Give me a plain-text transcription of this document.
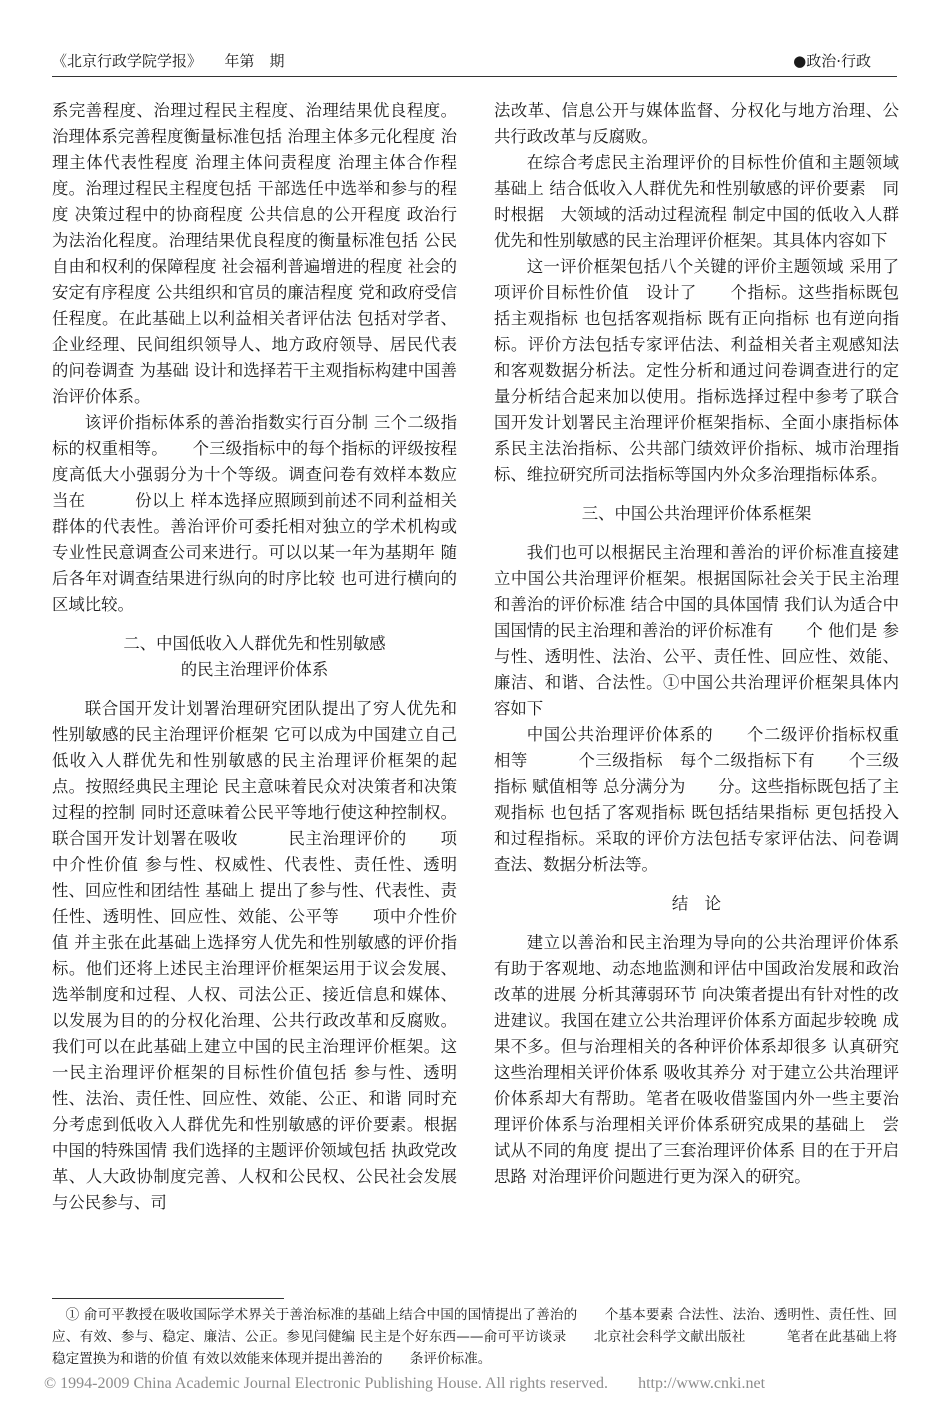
《北京行政学院学报》　　年第　期	●政治·行政

系完善程度、治理过程民主程度、治理结果优良程度。治理体系完善程度衡量标准包括 治理主体多元化程度 治理主体代表性程度 治理主体问责程度 治理主体合作程度。治理过程民主程度包括 干部选任中选举和参与的程度 决策过程中的协商程度 公共信息的公开程度 政治行为法治化程度。治理结果优良程度的衡量标准包括 公民自由和权利的保障程度 社会福利普遍增进的程度 社会的安定有序程度 公共组织和官员的廉洁程度 党和政府受信任程度。在此基础上以利益相关者评估法 包括对学者、企业经理、民间组织领导人、地方政府领导、居民代表的问卷调查 为基础 设计和选择若干主观指标构建中国善治评价体系。

该评价指标体系的善治指数实行百分制 三个二级指标的权重相等。　　个三级指标中的每个指标的评级按程度高低大小强弱分为十个等级。调查问卷有效样本数应当在　　　份以上 样本选择应照顾到前述不同利益相关群体的代表性。善治评价可委托相对独立的学术机构或专业性民意调查公司来进行。可以以某一年为基期年 随后各年对调查结果进行纵向的时序比较 也可进行横向的区域比较。

二、中国低收入人群优先和性别敏感
的民主治理评价体系

联合国开发计划署治理研究团队提出了穷人优先和性别敏感的民主治理评价框架 它可以成为中国建立自己低收入人群优先和性别敏感的民主治理评价框架的起点。按照经典民主理论 民主意味着民众对决策者和决策过程的控制 同时还意味着公民平等地行使这种控制权。联合国开发计划署在吸收　　　民主治理评价的　　项中介性价值 参与性、权威性、代表性、责任性、透明性、回应性和团结性 基础上 提出了参与性、代表性、责任性、透明性、回应性、效能、公平等　　项中介性价值 并主张在此基础上选择穷人优先和性别敏感的评价指标。他们还将上述民主治理评价框架运用于议会发展、选举制度和过程、人权、司法公正、接近信息和媒体、以发展为目的的分权化治理、公共行政改革和反腐败。我们可以在此基础上建立中国的民主治理评价框架。这一民主治理评价框架的目标性价值包括 参与性、透明性、法治、责任性、回应性、效能、公正、和谐 同时充分考虑到低收入人群优先和性别敏感的评价要素。根据中国的特殊国情 我们选择的主题评价领域包括 执政党改革、人大政协制度完善、人权和公民权、公民社会发展与公民参与、司

法改革、信息公开与媒体监督、分权化与地方治理、公共行政改革与反腐败。

在综合考虑民主治理评价的目标性价值和主题领域基础上 结合低收入人群优先和性别敏感的评价要素　同时根据　大领域的活动过程流程 制定中国的低收入人群优先和性别敏感的民主治理评价框架。其具体内容如下

这一评价框架包括八个关键的评价主题领域 采用了　项评价目标性价值　设计了　　个指标。这些指标既包括主观指标 也包括客观指标 既有正向指标 也有逆向指标。评价方法包括专家评估法、利益相关者主观感知法和客观数据分析法。定性分析和通过问卷调查进行的定量分析结合起来加以使用。指标选择过程中参考了联合国开发计划署民主治理评价框架指标、全面小康指标体系民主法治指标、公共部门绩效评价指标、城市治理指标、维拉研究所司法指标等国内外众多治理指标体系。

三、中国公共治理评价体系框架

我们也可以根据民主治理和善治的评价标准直接建立中国公共治理评价框架。根据国际社会关于民主治理和善治的评价标准 结合中国的具体国情 我们认为适合中国国情的民主治理和善治的评价标准有　　个 他们是 参与性、透明性、法治、公平、责任性、回应性、效能、廉洁、和谐、合法性。①中国公共治理评价框架具体内容如下

中国公共治理评价体系的　　个二级评价指标权重相等　　　个三级指标　每个二级指标下有　　个三级指标 赋值相等 总分满分为　　分。这些指标既包括了主观指标 也包括了客观指标 既包括结果指标 更包括投入和过程指标。采取的评价方法包括专家评估法、问卷调查法、数据分析法等。

结　论

建立以善治和民主治理为导向的公共治理评价体系 有助于客观地、动态地监测和评估中国政治发展和政治改革的进展 分析其薄弱环节 向决策者提出有针对性的改进建议。我国在建立公共治理评价体系方面起步较晚 成果不多。但与治理相关的各种评价体系却很多 认真研究这些治理相关评价体系 吸收其养分 对于建立公共治理评价体系却大有帮助。笔者在吸收借鉴国内外一些主要治理评价体系与治理相关评价体系研究成果的基础上　尝试从不同的角度 提出了三套治理评价体系 目的在于开启思路 对治理评价问题进行更为深入的研究。

① 俞可平教授在吸收国际学术界关于善治标准的基础上结合中国的国情提出了善治的　　个基本要素 合法性、法治、透明性、责任性、回应、有效、参与、稳定、廉洁、公正。参见闫健编 民主是个好东西——俞可平访谈录　　北京社会科学文献出版社　　　笔者在此基础上将稳定置换为和谐的价值 有效以效能来体现并提出善治的　　条评价标准。

© 1994-2009 China Academic Journal Electronic Publishing House. All rights reserved. http://www.cnki.net
